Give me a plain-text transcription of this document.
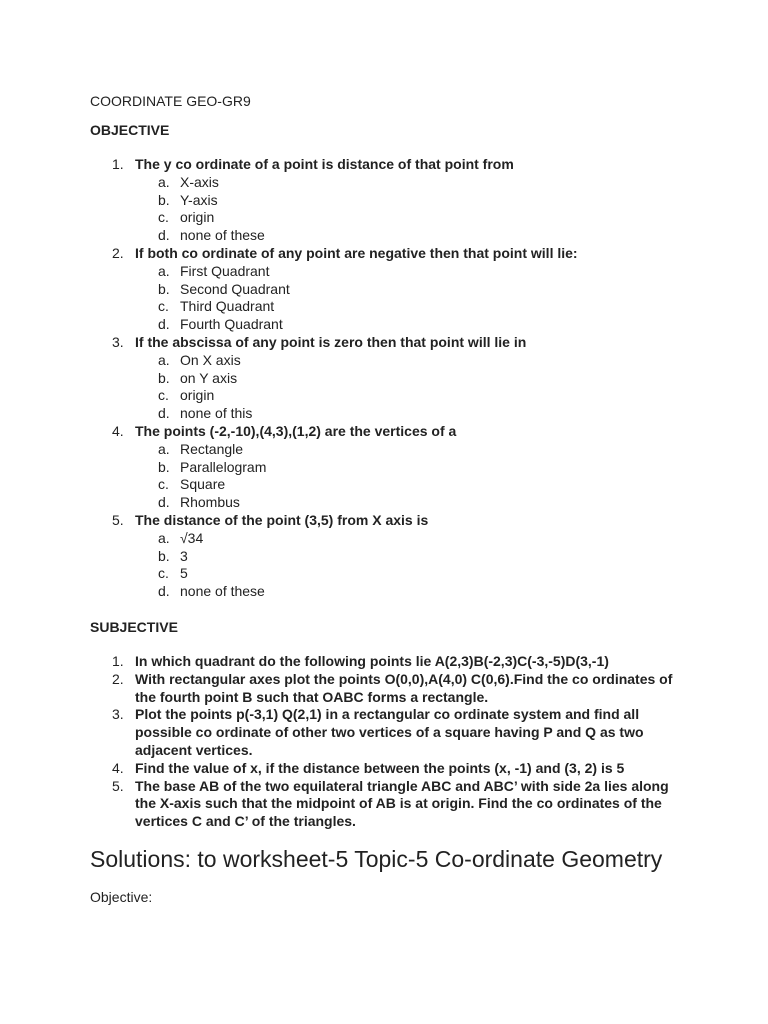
COORDINATE GEO-GR9

OBJECTIVE

1. The y co ordinate of a point is distance of that point from
a. X-axis
b. Y-axis
c. origin
d. none of these
2. If both co ordinate of any point are negative then that point will lie:
a. First Quadrant
b. Second Quadrant
c. Third Quadrant
d. Fourth Quadrant
3. If the abscissa of any point is zero then that point will lie in
a. On X axis
b. on Y axis
c. origin
d. none of this
4. The points (-2,-10),(4,3),(1,2) are the vertices of a
a. Rectangle
b. Parallelogram
c. Square
d. Rhombus
5. The distance of the point (3,5) from X axis is
a. √34
b. 3
c. 5
d. none of these

SUBJECTIVE

1. In which quadrant do the following points lie A(2,3)B(-2,3)C(-3,-5)D(3,-1)
2. With rectangular axes plot the points O(0,0),A(4,0) C(0,6).Find the co ordinates of the fourth point B such that OABC forms a rectangle.
3. Plot the points p(-3,1) Q(2,1) in a rectangular co ordinate system and find all possible co ordinate of other two vertices of a square having P and Q as two adjacent vertices.
4. Find the value of x, if the distance between the points (x, -1) and (3, 2) is 5
5. The base AB of the two equilateral triangle ABC and ABC’ with side 2a lies along the X-axis such that the midpoint of AB is at origin. Find the co ordinates of the vertices C and C’ of the triangles.
Solutions: to worksheet-5 Topic-5 Co-ordinate Geometry

Objective:
